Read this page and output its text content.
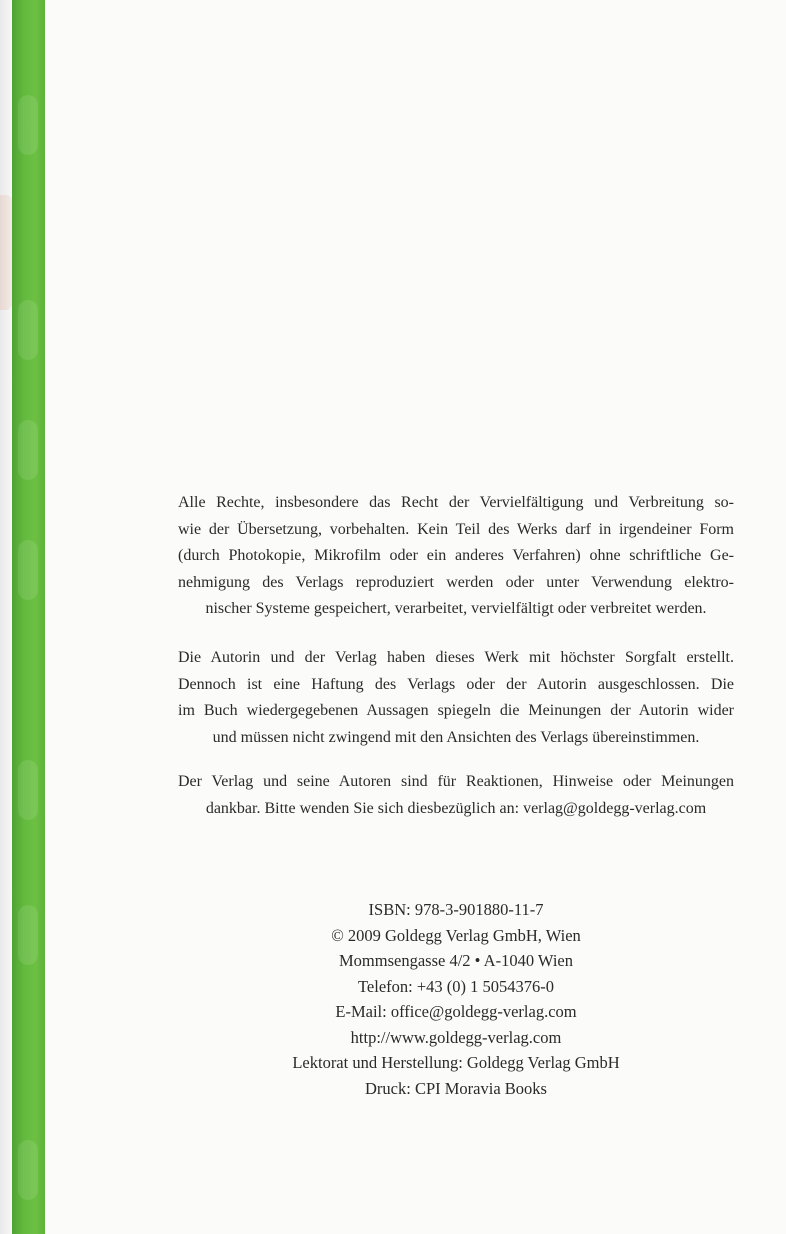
Alle Rechte, insbesondere das Recht der Vervielfältigung und Verbreitung so-
wie der Übersetzung, vorbehalten. Kein Teil des Werks darf in irgendeiner Form
(durch Photokopie, Mikrofilm oder ein anderes Verfahren) ohne schriftliche Ge-
nehmigung des Verlags reproduziert werden oder unter Verwendung elektro-
nischer Systeme gespeichert, verarbeitet, vervielfältigt oder verbreitet werden.

Die Autorin und der Verlag haben dieses Werk mit höchster Sorgfalt erstellt.
Dennoch ist eine Haftung des Verlags oder der Autorin ausgeschlossen. Die
im Buch wiedergegebenen Aussagen spiegeln die Meinungen der Autorin wider
und müssen nicht zwingend mit den Ansichten des Verlags übereinstimmen.

Der Verlag und seine Autoren sind für Reaktionen, Hinweise oder Meinungen
dankbar. Bitte wenden Sie sich diesbezüglich an: verlag@goldegg-verlag.com

ISBN: 978-3-901880-11-7
© 2009 Goldegg Verlag GmbH, Wien
Mommsengasse 4/2 • A-1040 Wien
Telefon: +43 (0) 1 5054376-0
E-Mail: office@goldegg-verlag.com
http://www.goldegg-verlag.com
Lektorat und Herstellung: Goldegg Verlag GmbH
Druck: CPI Moravia Books
